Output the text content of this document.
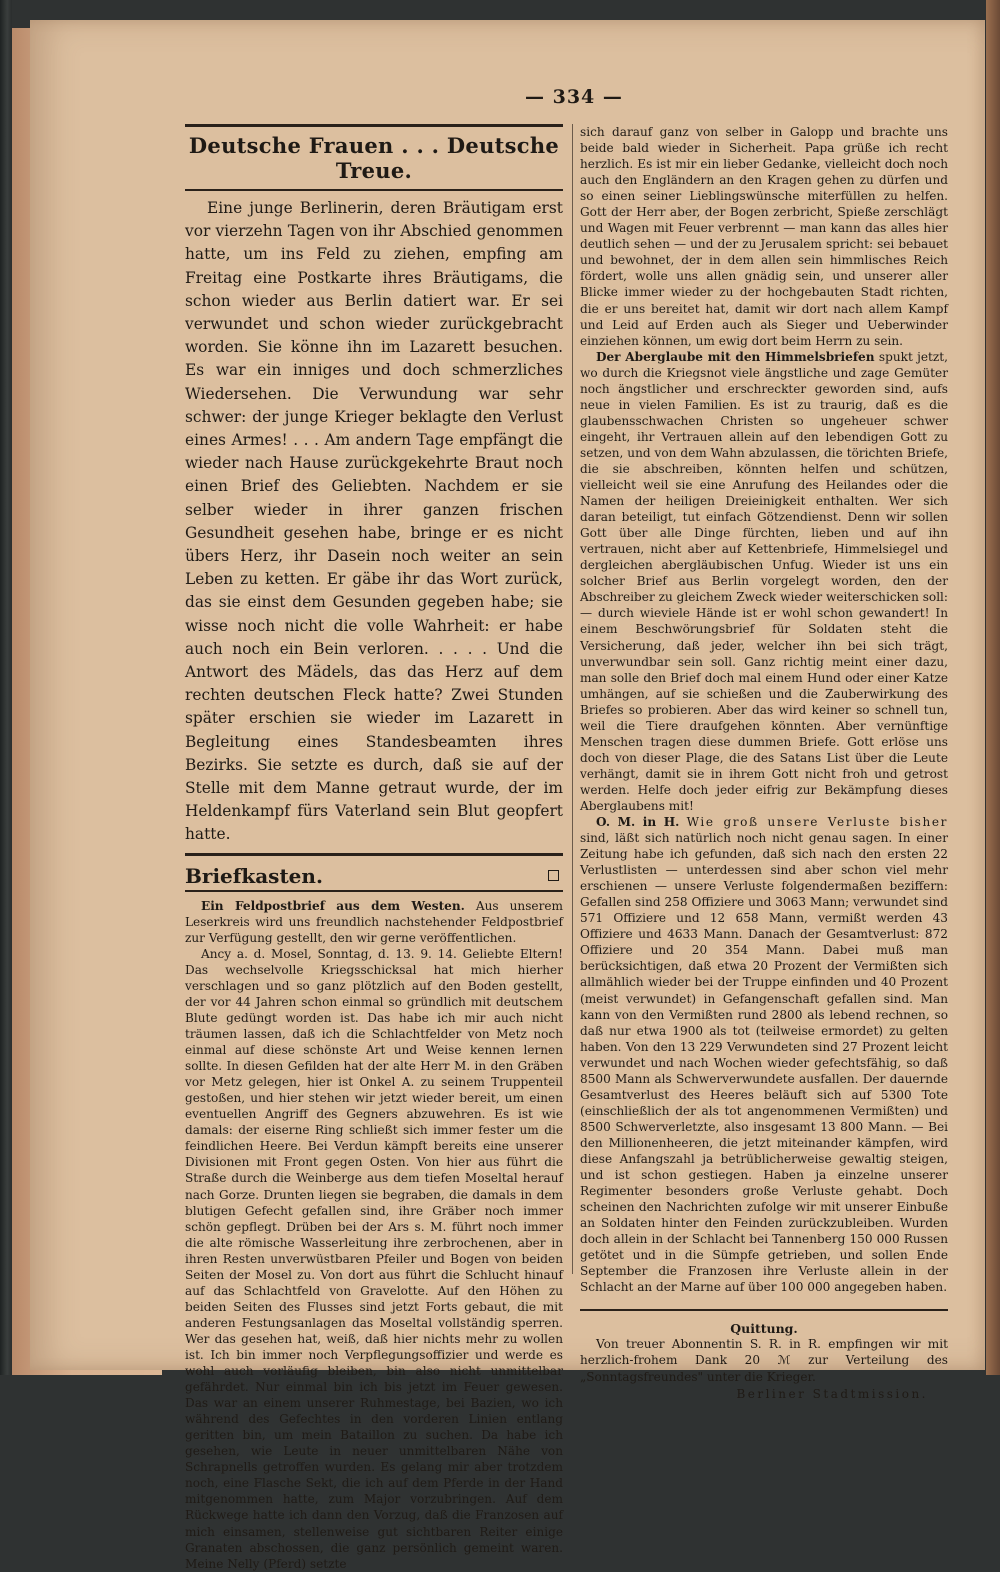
— 334 —
Deutsche Frauen . . . Deutsche Treue.

Eine junge Berlinerin, deren Bräutigam erst vor vierzehn Tagen von ihr Abschied genommen hatte, um ins Feld zu ziehen, empfing am Freitag eine Postkarte ihres Bräutigams, die schon wieder aus Berlin datiert war. Er sei verwundet und schon wieder zurückgebracht worden. Sie könne ihn im Lazarett besuchen. Es war ein inniges und doch schmerzliches Wiedersehen. Die Verwundung war sehr schwer: der junge Krieger beklagte den Verlust eines Armes! . . . Am andern Tage empfängt die wieder nach Hause zurückgekehrte Braut noch einen Brief des Geliebten. Nachdem er sie selber wieder in ihrer ganzen frischen Gesundheit gesehen habe, bringe er es nicht übers Herz, ihr Dasein noch weiter an sein Leben zu ketten. Er gäbe ihr das Wort zurück, das sie einst dem Gesunden gegeben habe; sie wisse noch nicht die volle Wahrheit: er habe auch noch ein Bein verloren. . . . . Und die Antwort des Mädels, das das Herz auf dem rechten deutschen Fleck hatte? Zwei Stunden später erschien sie wieder im Lazarett in Begleitung eines Standesbeamten ihres Bezirks. Sie setzte es durch, daß sie auf der Stelle mit dem Manne getraut wurde, der im Heldenkampf fürs Vaterland sein Blut geopfert hatte.

Briefkasten.

Ein Feldpostbrief aus dem Westen. Aus unserem Leserkreis wird uns freundlich nachstehender Feldpostbrief zur Verfügung gestellt, den wir gerne veröffentlichen.

Ancy a. d. Mosel, Sonntag, d. 13. 9. 14. Geliebte Eltern! Das wechselvolle Kriegsschicksal hat mich hierher verschlagen und so ganz plötzlich auf den Boden gestellt, der vor 44 Jahren schon einmal so gründlich mit deutschem Blute gedüngt worden ist. Das habe ich mir auch nicht träumen lassen, daß ich die Schlachtfelder von Metz noch einmal auf diese schönste Art und Weise kennen lernen sollte. In diesen Gefilden hat der alte Herr M. in den Gräben vor Metz gelegen, hier ist Onkel A. zu seinem Truppenteil gestoßen, und hier stehen wir jetzt wieder bereit, um einen eventuellen Angriff des Gegners abzuwehren. Es ist wie damals: der eiserne Ring schließt sich immer fester um die feindlichen Heere. Bei Verdun kämpft bereits eine unserer Divisionen mit Front gegen Osten. Von hier aus führt die Straße durch die Weinberge aus dem tiefen Moseltal herauf nach Gorze. Drunten liegen sie begraben, die damals in dem blutigen Gefecht gefallen sind, ihre Gräber noch immer schön gepflegt. Drüben bei der Ars s. M. führt noch immer die alte römische Wasserleitung ihre zerbrochenen, aber in ihren Resten unverwüstbaren Pfeiler und Bogen von beiden Seiten der Mosel zu. Von dort aus führt die Schlucht hinauf auf das Schlachtfeld von Gravelotte. Auf den Höhen zu beiden Seiten des Flusses sind jetzt Forts gebaut, die mit anderen Festungsanlagen das Moseltal vollständig sperren. Wer das gesehen hat, weiß, daß hier nichts mehr zu wollen ist. Ich bin immer noch Verpflegungsoffizier und werde es wohl auch vorläufig bleiben, bin also nicht unmittelbar gefährdet. Nur einmal bin ich bis jetzt im Feuer gewesen. Das war an einem unserer Ruhmestage, bei Bazien, wo ich während des Gefechtes in den vorderen Linien entlang geritten bin, um mein Bataillon zu suchen. Da habe ich gesehen, wie Leute in neuer unmittelbaren Nähe von Schrapnells getroffen wurden. Es gelang mir aber trotzdem noch, eine Flasche Sekt, die ich auf dem Pferde in der Hand mitgenommen hatte, zum Major vorzubringen. Auf dem Rückwege hatte ich dann den Vorzug, daß die Franzosen auf mich einsamen, stellenweise gut sichtbaren Reiter einige Granaten abschossen, die ganz persönlich gemeint waren. Meine Nelly (Pferd) setzte

sich darauf ganz von selber in Galopp und brachte uns beide bald wieder in Sicherheit. Papa grüße ich recht herzlich. Es ist mir ein lieber Gedanke, vielleicht doch noch auch den Engländern an den Kragen gehen zu dürfen und so einen seiner Lieblingswünsche miterfüllen zu helfen. Gott der Herr aber, der Bogen zerbricht, Spieße zerschlägt und Wagen mit Feuer verbrennt — man kann das alles hier deutlich sehen — und der zu Jerusalem spricht: sei bebauet und bewohnet, der in dem allen sein himmlisches Reich fördert, wolle uns allen gnädig sein, und unserer aller Blicke immer wieder zu der hochgebauten Stadt richten, die er uns bereitet hat, damit wir dort nach allem Kampf und Leid auf Erden auch als Sieger und Ueberwinder einziehen können, um ewig dort beim Herrn zu sein.

Der Aberglaube mit den Himmelsbriefen spukt jetzt, wo durch die Kriegsnot viele ängstliche und zage Gemüter noch ängstlicher und erschreckter geworden sind, aufs neue in vielen Familien. Es ist zu traurig, daß es die glaubensschwachen Christen so ungeheuer schwer eingeht, ihr Vertrauen allein auf den lebendigen Gott zu setzen, und von dem Wahn abzulassen, die törichten Briefe, die sie abschreiben, könnten helfen und schützen, vielleicht weil sie eine Anrufung des Heilandes oder die Namen der heiligen Dreieinigkeit enthalten. Wer sich daran beteiligt, tut einfach Götzendienst. Denn wir sollen Gott über alle Dinge fürchten, lieben und auf ihn vertrauen, nicht aber auf Kettenbriefe, Himmelsiegel und dergleichen abergläubischen Unfug. Wieder ist uns ein solcher Brief aus Berlin vorgelegt worden, den der Abschreiber zu gleichem Zweck wieder weiterschicken soll: — durch wieviele Hände ist er wohl schon gewandert! In einem Beschwörungsbrief für Soldaten steht die Versicherung, daß jeder, welcher ihn bei sich trägt, unverwundbar sein soll. Ganz richtig meint einer dazu, man solle den Brief doch mal einem Hund oder einer Katze umhängen, auf sie schießen und die Zauberwirkung des Briefes so probieren. Aber das wird keiner so schnell tun, weil die Tiere draufgehen könnten. Aber vernünftige Menschen tragen diese dummen Briefe. Gott erlöse uns doch von dieser Plage, die des Satans List über die Leute verhängt, damit sie in ihrem Gott nicht froh und getrost werden. Helfe doch jeder eifrig zur Bekämpfung dieses Aberglaubens mit!

O. M. in H. Wie groß unsere Verluste bisher sind, läßt sich natürlich noch nicht genau sagen. In einer Zeitung habe ich gefunden, daß sich nach den ersten 22 Verlustlisten — unterdessen sind aber schon viel mehr erschienen — unsere Verluste folgendermaßen beziffern: Gefallen sind 258 Offiziere und 3063 Mann; verwundet sind 571 Offiziere und 12 658 Mann, vermißt werden 43 Offiziere und 4633 Mann. Danach der Gesamtverlust: 872 Offiziere und 20 354 Mann. Dabei muß man berücksichtigen, daß etwa 20 Prozent der Vermißten sich allmählich wieder bei der Truppe einfinden und 40 Prozent (meist verwundet) in Gefangenschaft gefallen sind. Man kann von den Vermißten rund 2800 als lebend rechnen, so daß nur etwa 1900 als tot (teilweise ermordet) zu gelten haben. Von den 13 229 Verwundeten sind 27 Prozent leicht verwundet und nach Wochen wieder gefechtsfähig, so daß 8500 Mann als Schwerverwundete ausfallen. Der dauernde Gesamtverlust des Heeres beläuft sich auf 5300 Tote (einschließlich der als tot angenommenen Vermißten) und 8500 Schwerverletzte, also insgesamt 13 800 Mann. — Bei den Millionenheeren, die jetzt miteinander kämpfen, wird diese Anfangszahl ja betrüblicherweise gewaltig steigen, und ist schon gestiegen. Haben ja einzelne unserer Regimenter besonders große Verluste gehabt. Doch scheinen den Nachrichten zufolge wir mit unserer Einbuße an Soldaten hinter den Feinden zurückzubleiben. Wurden doch allein in der Schlacht bei Tannenberg 150 000 Russen getötet und in die Sümpfe getrieben, und sollen Ende September die Franzosen ihre Verluste allein in der Schlacht an der Marne auf über 100 000 angegeben haben.

Quittung.

Von treuer Abonnentin S. R. in R. empfingen wir mit herzlich-frohem Dank 20 ℳ zur Verteilung des „Sonntagsfreundes" unter die Krieger.

Berliner Stadtmission.
